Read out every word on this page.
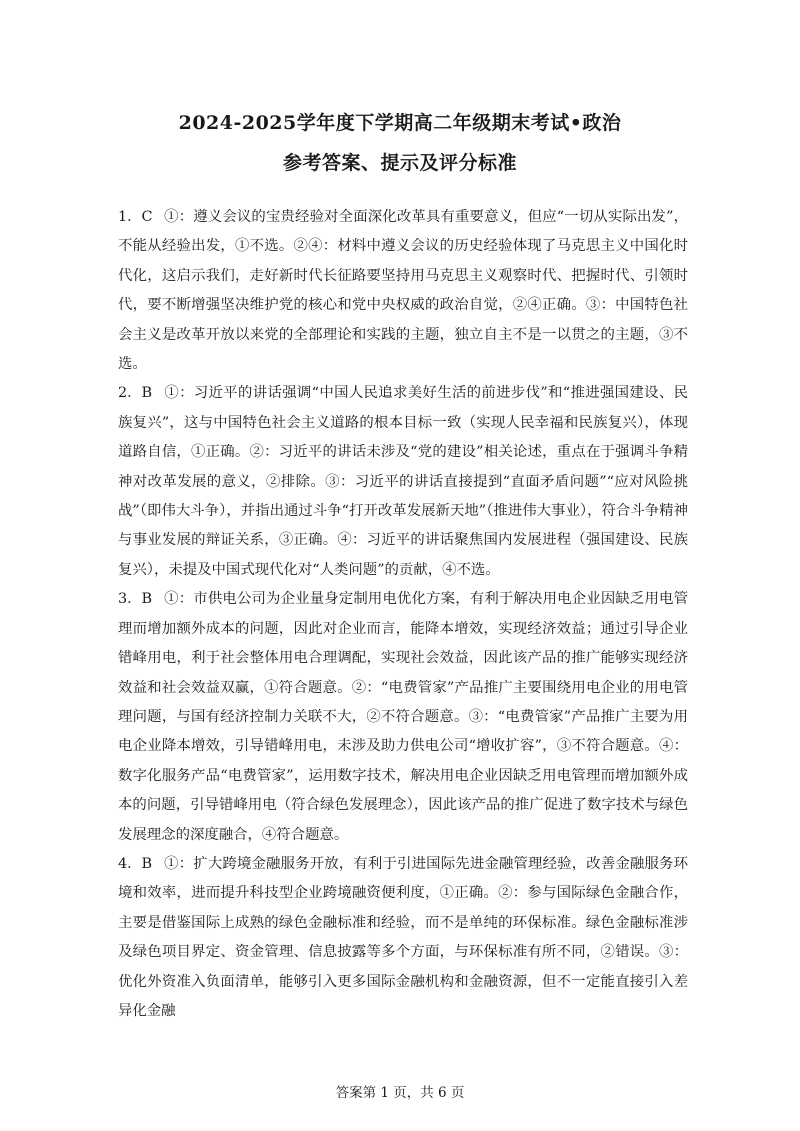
2024-2025学年度下学期高二年级期末考试•政治
参考答案、提示及评分标准

1．C ①：遵义会议的宝贵经验对全面深化改革具有重要意义，但应“一切从实际出发”，不能从经验出发，①不选。②④：材料中遵义会议的历史经验体现了马克思主义中国化时代化，这启示我们，走好新时代长征路要坚持用马克思主义观察时代、把握时代、引领时代，要不断增强坚决维护党的核心和党中央权威的政治自觉，②④正确。③：中国特色社会主义是改革开放以来党的全部理论和实践的主题，独立自主不是一以贯之的主题，③不选。

2．B ①：习近平的讲话强调“中国人民追求美好生活的前进步伐”和“推进强国建设、民族复兴”，这与中国特色社会主义道路的根本目标一致（实现人民幸福和民族复兴），体现道路自信，①正确。②：习近平的讲话未涉及“党的建设”相关论述，重点在于强调斗争精神对改革发展的意义，②排除。③：习近平的讲话直接提到“直面矛盾问题”“应对风险挑战”（即伟大斗争），并指出通过斗争“打开改革发展新天地”（推进伟大事业），符合斗争精神与事业发展的辩证关系，③正确。④：习近平的讲话聚焦国内发展进程（强国建设、民族复兴），未提及中国式现代化对“人类问题”的贡献，④不选。

3．B ①：市供电公司为企业量身定制用电优化方案，有利于解决用电企业因缺乏用电管理而增加额外成本的问题，因此对企业而言，能降本增效，实现经济效益；通过引导企业错峰用电，利于社会整体用电合理调配，实现社会效益，因此该产品的推广能够实现经济效益和社会效益双赢，①符合题意。②：“电费管家”产品推广主要围绕用电企业的用电管理问题，与国有经济控制力关联不大，②不符合题意。③：“电费管家”产品推广主要为用电企业降本增效，引导错峰用电，未涉及助力供电公司“增收扩容”，③不符合题意。④：数字化服务产品“电费管家”，运用数字技术，解决用电企业因缺乏用电管理而增加额外成本的问题，引导错峰用电（符合绿色发展理念），因此该产品的推广促进了数字技术与绿色发展理念的深度融合，④符合题意。

4．B ①：扩大跨境金融服务开放，有利于引进国际先进金融管理经验，改善金融服务环境和效率，进而提升科技型企业跨境融资便利度，①正确。②：参与国际绿色金融合作，主要是借鉴国际上成熟的绿色金融标准和经验，而不是单纯的环保标准。绿色金融标准涉及绿色项目界定、资金管理、信息披露等多个方面，与环保标准有所不同，②错误。③：优化外资准入负面清单，能够引入更多国际金融机构和金融资源，但不一定能直接引入差异化金融

答案第 1 页，共 6 页
